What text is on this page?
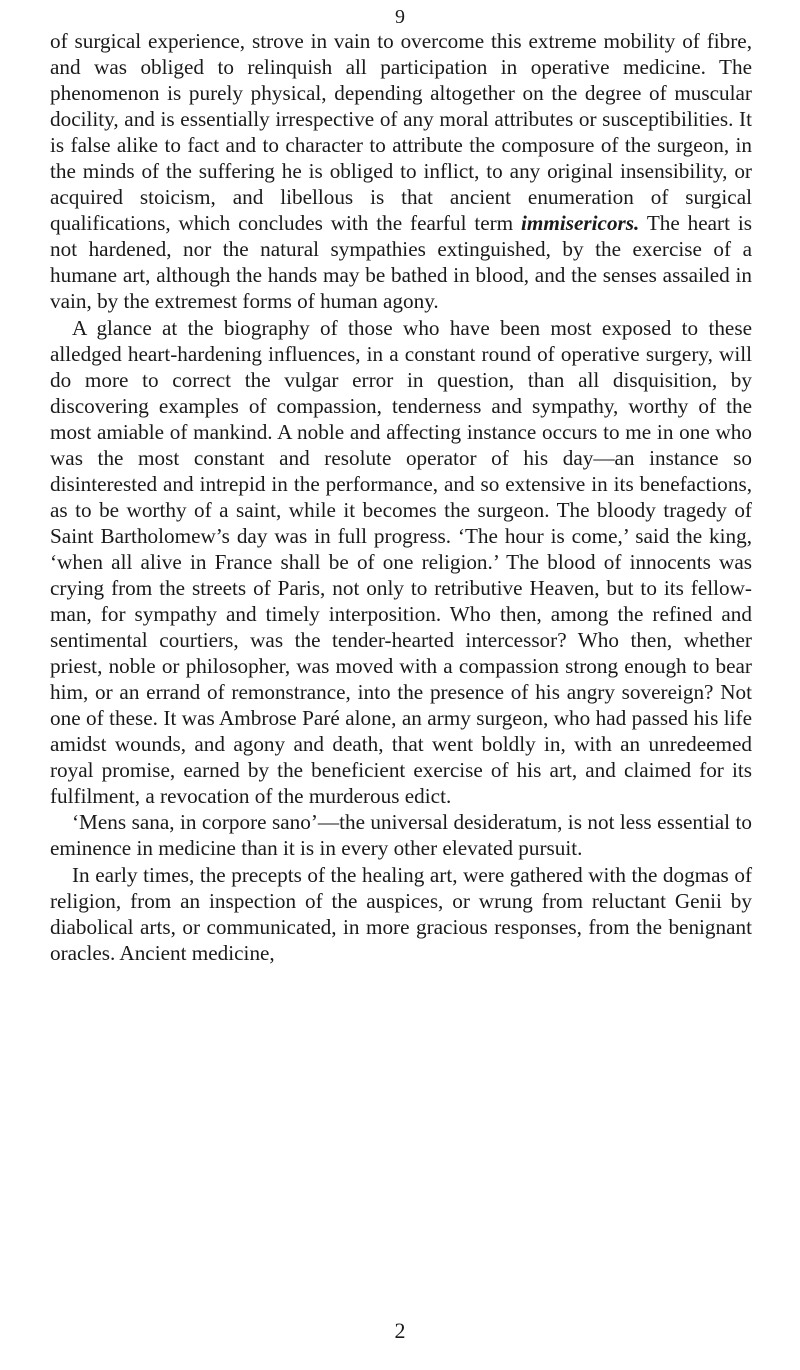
9

of surgical experience, strove in vain to overcome this extreme mobility of fibre, and was obliged to relinquish all participation in operative medicine. The phenomenon is purely physical, depending altogether on the degree of muscular docility, and is essentially irrespective of any moral attributes or susceptibilities. It is false alike to fact and to character to attribute the composure of the surgeon, in the minds of the suffering he is obliged to inflict, to any original insensibility, or acquired stoicism, and libellous is that ancient enumeration of surgical qualifications, which concludes with the fearful term immisericors. The heart is not hardened, nor the natural sympathies extinguished, by the exercise of a humane art, although the hands may be bathed in blood, and the senses assailed in vain, by the extremest forms of human agony.

A glance at the biography of those who have been most exposed to these alledged heart-hardening influences, in a constant round of operative surgery, will do more to correct the vulgar error in question, than all disquisition, by discovering examples of compassion, tenderness and sympathy, worthy of the most amiable of mankind. A noble and affecting instance occurs to me in one who was the most constant and resolute operator of his day—an instance so disinterested and intrepid in the performance, and so extensive in its benefactions, as to be worthy of a saint, while it becomes the surgeon. The bloody tragedy of Saint Bartholomew’s day was in full progress. ‘The hour is come,’ said the king, ‘when all alive in France shall be of one religion.’ The blood of innocents was crying from the streets of Paris, not only to retributive Heaven, but to its fellow-man, for sympathy and timely interposition. Who then, among the refined and sentimental courtiers, was the tender-hearted intercessor? Who then, whether priest, noble or philosopher, was moved with a compassion strong enough to bear him, or an errand of remonstrance, into the presence of his angry sovereign? Not one of these. It was Ambrose Paré alone, an army surgeon, who had passed his life amidst wounds, and agony and death, that went boldly in, with an unredeemed royal promise, earned by the beneficient exercise of his art, and claimed for its fulfilment, a revocation of the murderous edict.

‘Mens sana, in corpore sano’—the universal desideratum, is not less essential to eminence in medicine than it is in every other elevated pursuit.

In early times, the precepts of the healing art, were gathered with the dogmas of religion, from an inspection of the auspices, or wrung from reluctant Genii by diabolical arts, or communicated, in more gracious responses, from the benignant oracles. Ancient medicine,

2
